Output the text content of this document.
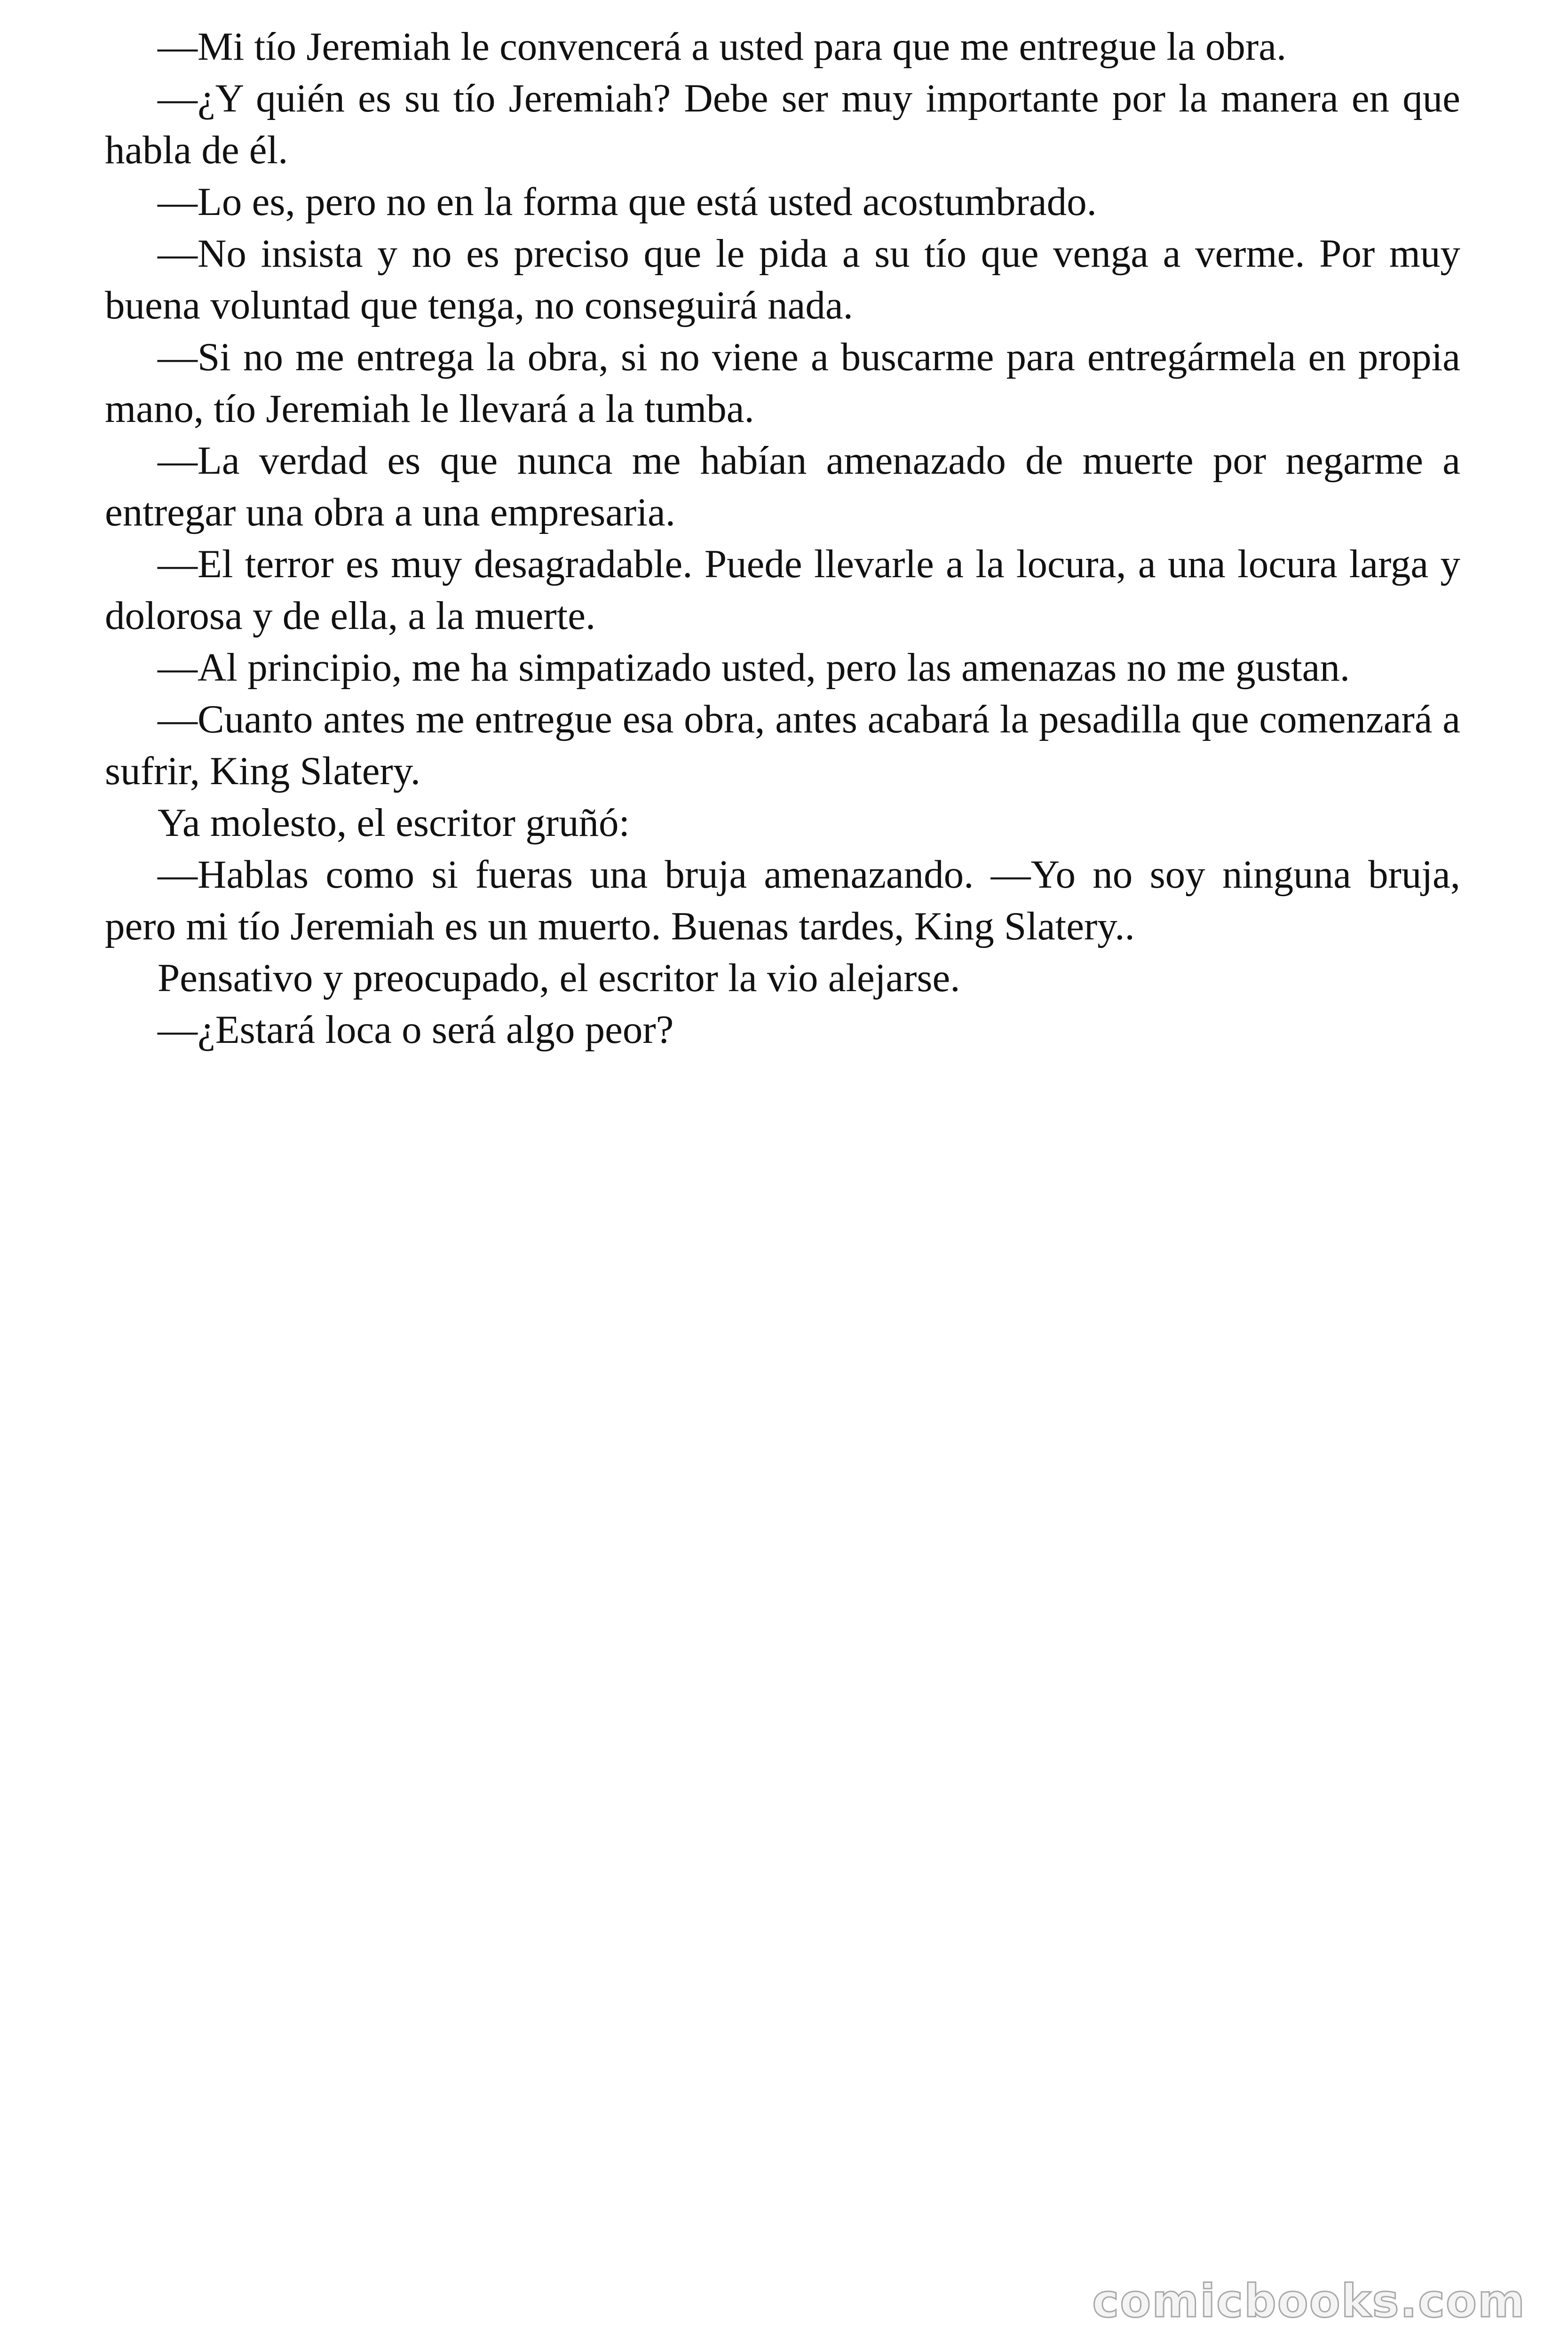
—Mi tío Jeremiah le convencerá a usted para que me entregue la obra.

—¿Y quién es su tío Jeremiah? Debe ser muy importante por la manera en que habla de él.

—Lo es, pero no en la forma que está usted acostumbrado.

—No insista y no es preciso que le pida a su tío que venga a verme. Por muy buena voluntad que tenga, no conseguirá nada.

—Si no me entrega la obra, si no viene a buscarme para entregármela en propia mano, tío Jeremiah le llevará a la tumba.

—La verdad es que nunca me habían amenazado de muerte por negarme a entregar una obra a una empresaria.

—El terror es muy desagradable. Puede llevarle a la locura, a una locura larga y dolorosa y de ella, a la muerte.

—Al principio, me ha simpatizado usted, pero las amenazas no me gustan.

—Cuanto antes me entregue esa obra, antes acabará la pesadilla que comenzará a sufrir, King Slatery.

Ya molesto, el escritor gruñó:

—Hablas como si fueras una bruja amenazando. —Yo no soy ninguna bruja, pero mi tío Jeremiah es un muerto. Buenas tardes, King Slatery..

Pensativo y preocupado, el escritor la vio alejarse.

—¿Estará loca o será algo peor?

comicbooks.com
